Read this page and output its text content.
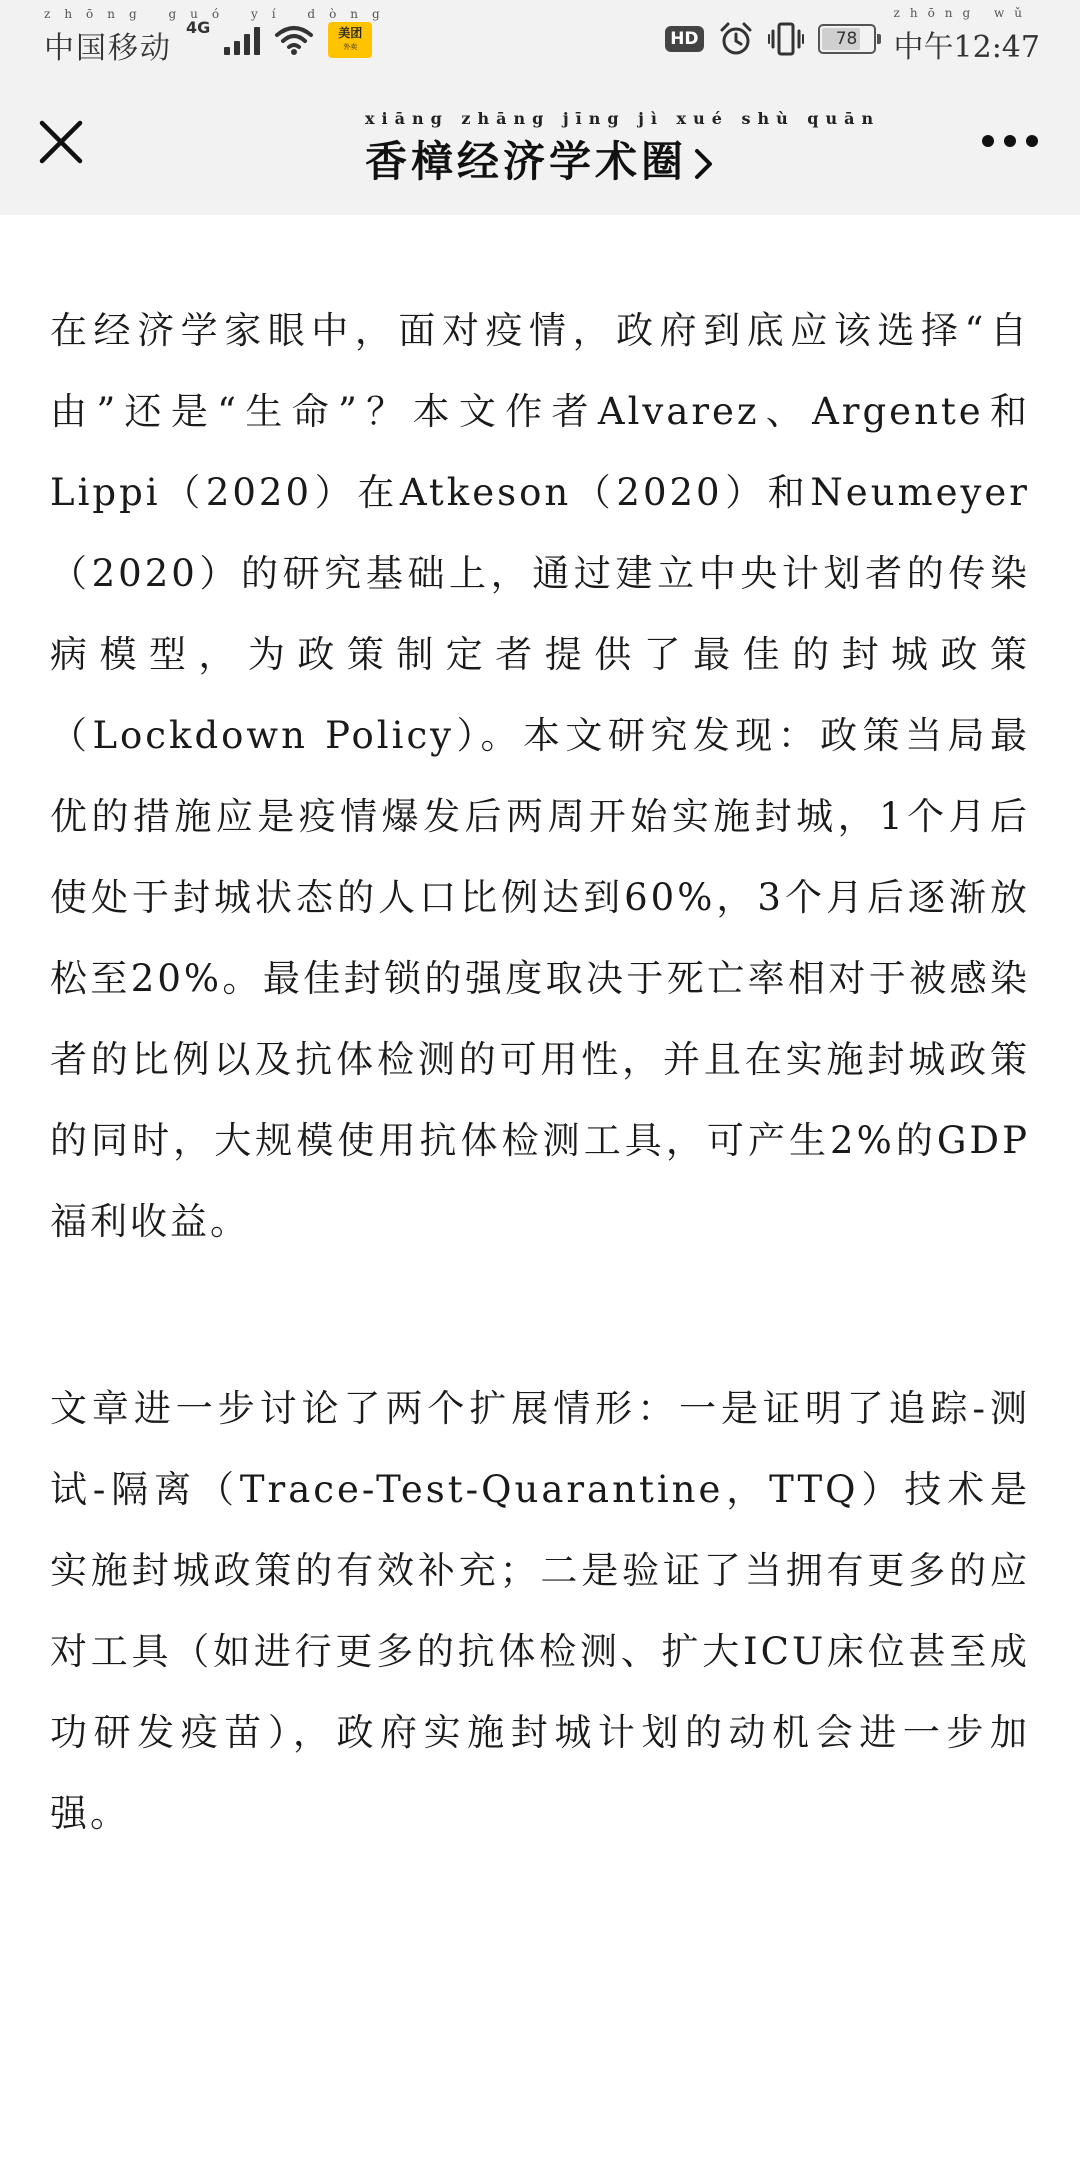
zhōng guó yí dòng
中国移动
4G	美团
外卖	HD	78
zhōng wǔ
中午12:47
xiāng zhāng jīng jì xué shù quān
香樟经济学术圈

在经济学家眼中，面对疫情，政府到底应该选择“自由”还是“生命”？本文作者Alvarez、Argente和Lippi（2020）在Atkeson（2020）和Neumeyer（2020）的研究基础上，通过建立中央计划者的传染病模型，为政策制定者提供了最佳的封城政策（Lockdown Policy）。本文研究发现：政策当局最优的措施应是疫情爆发后两周开始实施封城，1个月后使处于封城状态的人口比例达到60%，3个月后逐渐放松至20%。最佳封锁的强度取决于死亡率相对于被感染者的比例以及抗体检测的可用性，并且在实施封城政策的同时，大规模使用抗体检测工具，可产生2%的GDP福利收益。

文章进一步讨论了两个扩展情形：一是证明了追踪-测试-隔离（Trace-Test-Quarantine，TTQ）技术是实施封城政策的有效补充；二是验证了当拥有更多的应对工具（如进行更多的抗体检测、扩大ICU床位甚至成功研发疫苗），政府实施封城计划的动机会进一步加强。
